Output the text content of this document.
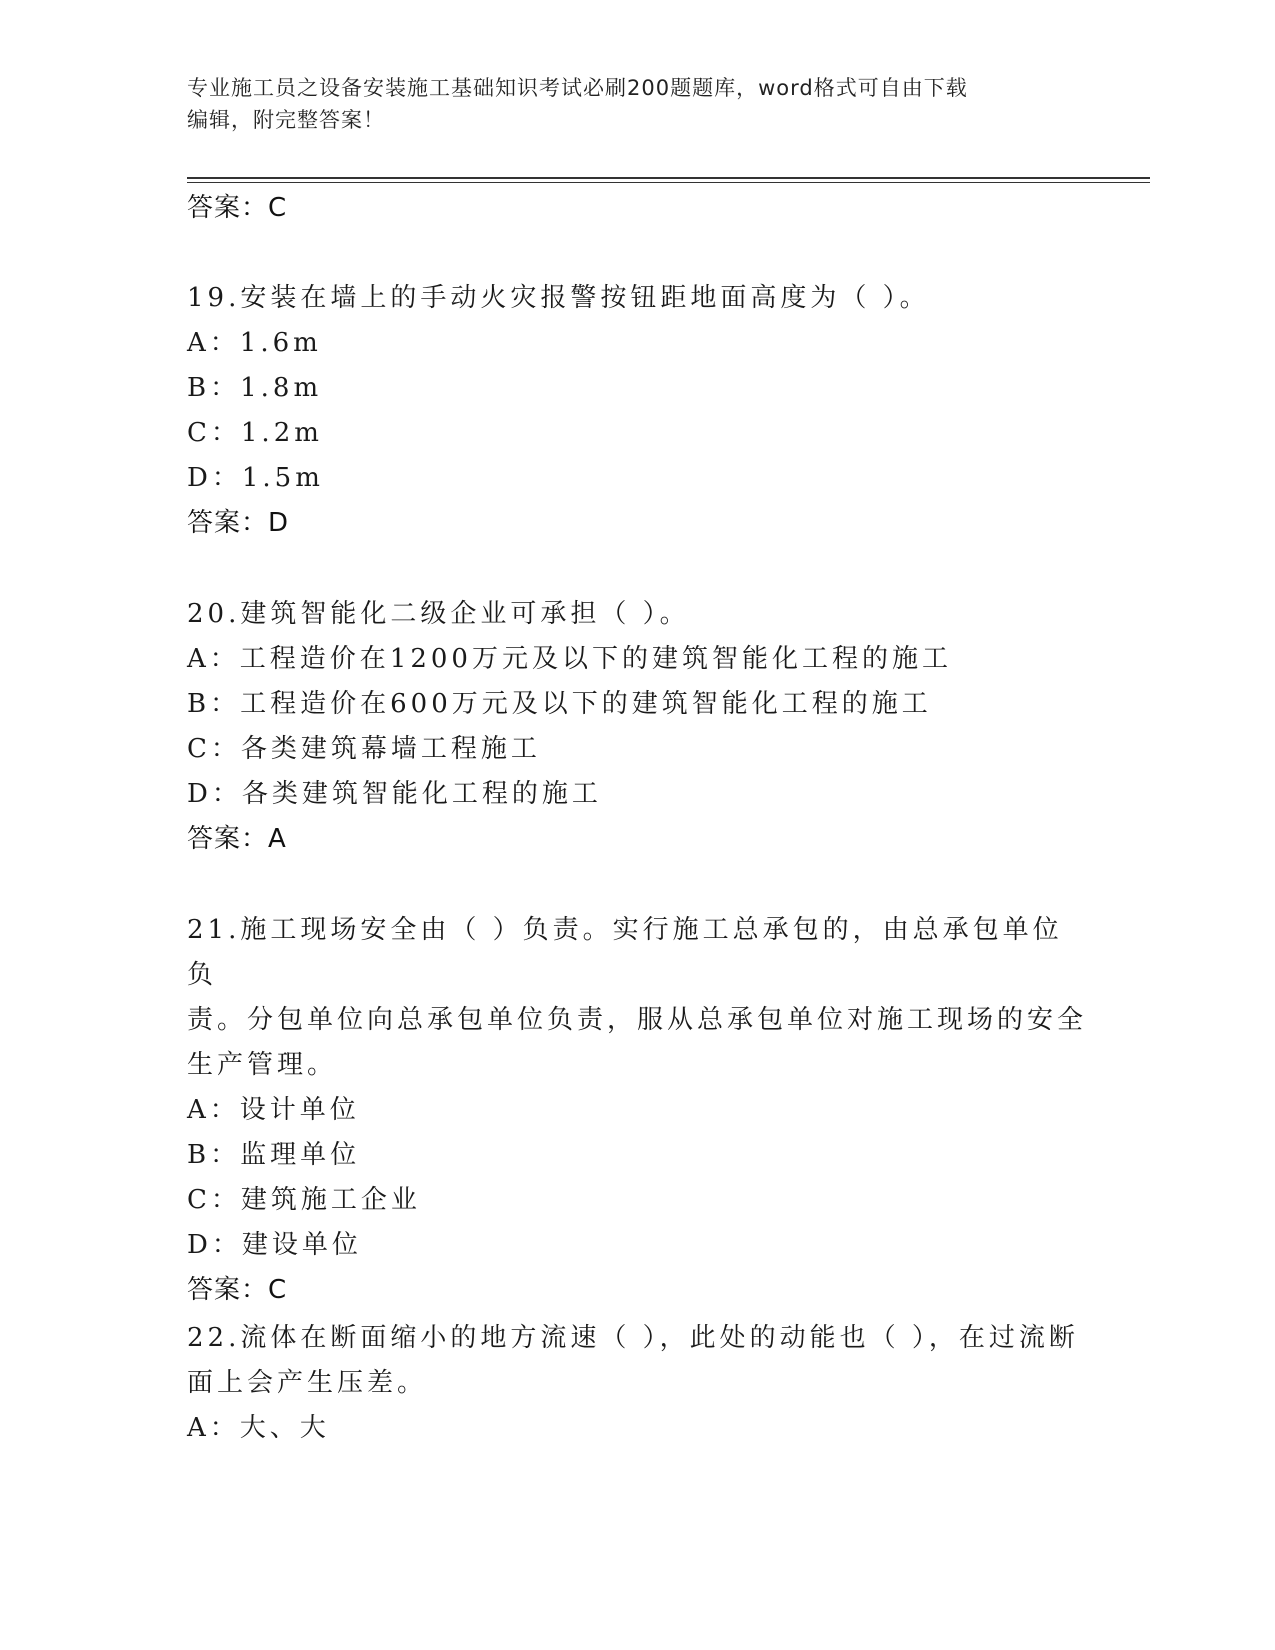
专业施工员之设备安装施工基础知识考试必刷200题题库，word格式可自由下载
编辑，附完整答案！
答案：C

19.安装在墙上的手动火灾报警按钮距地面高度为（ ）。

A：1.6m

B：1.8m

C：1.2m

D：1.5m

答案：D

20.建筑智能化二级企业可承担（ ）。

A：工程造价在1200万元及以下的建筑智能化工程的施工

B：工程造价在600万元及以下的建筑智能化工程的施工

C：各类建筑幕墙工程施工

D：各类建筑智能化工程的施工

答案：A

21.施工现场安全由（ ）负责。实行施工总承包的，由总承包单位负

责。分包单位向总承包单位负责，服从总承包单位对施工现场的安全

生产管理。

A：设计单位

B：监理单位

C：建筑施工企业

D：建设单位

答案：C

22.流体在断面缩小的地方流速（ ），此处的动能也（ ），在过流断

面上会产生压差。

A：大、大
